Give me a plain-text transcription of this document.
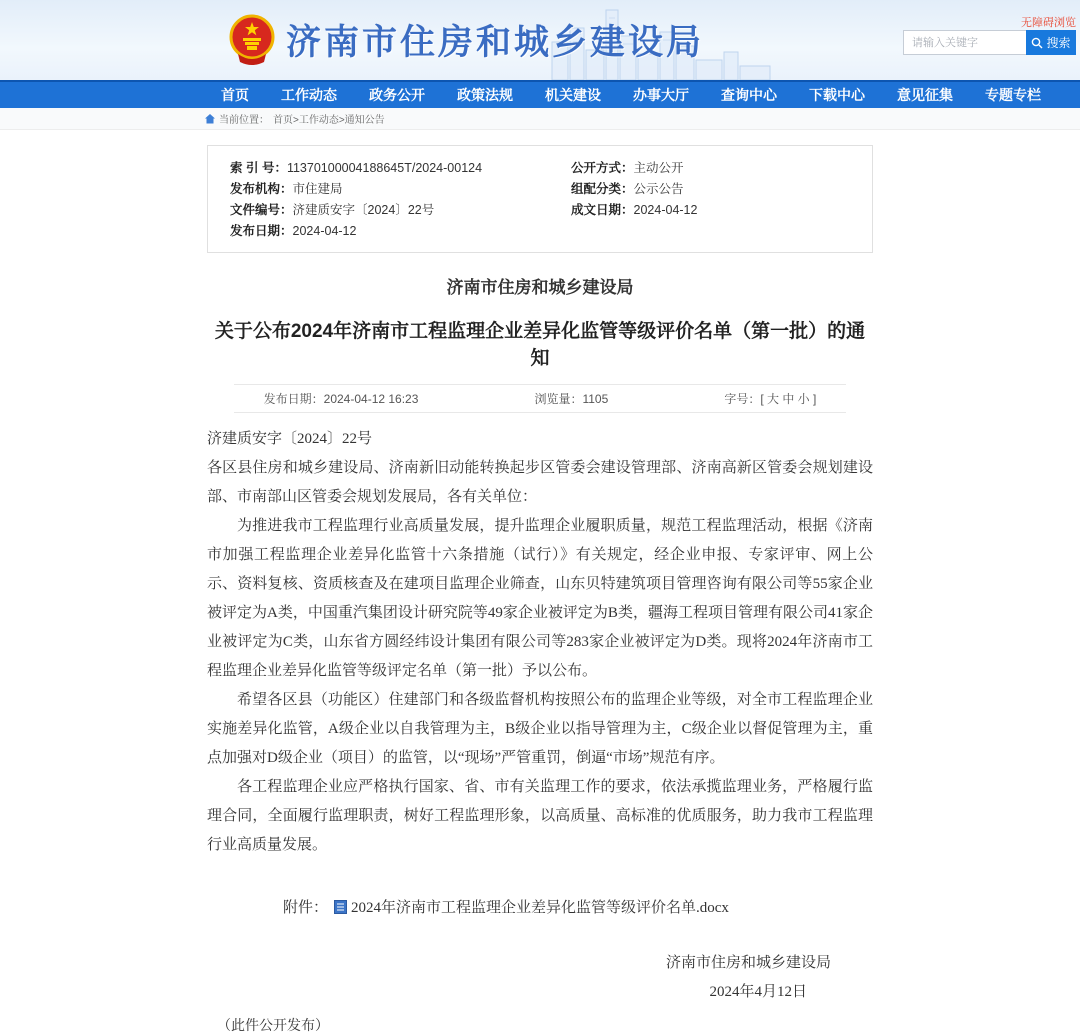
济南市住房和城乡建设局	无障碍浏览
请输入关键字
搜索
首页	工作动态	政务公开	政策法规	机关建设	办事大厅	查询中心	下载中心	意见征集	专题专栏
当前位置： 首页>工作动态>通知公告
索 引 号：11370100004188645T/2024-00124	公开方式：主动公开
发布机构：市住建局	组配分类：公示公告
文件编号：济建质安字〔2024〕22号	成文日期：2024-04-12
发布日期：2024-04-12
济南市住房和城乡建设局
关于公布2024年济南市工程监理企业差异化监管等级评价名单（第一批）的通知
发布日期：2024-04-12 16:23	浏览量：1105	字号：[ 大 中 小 ]

济建质安字〔2024〕22号

各区县住房和城乡建设局、济南新旧动能转换起步区管委会建设管理部、济南高新区管委会规划建设部、市南部山区管委会规划发展局，各有关单位：

为推进我市工程监理行业高质量发展，提升监理企业履职质量，规范工程监理活动，根据《济南市加强工程监理企业差异化监管十六条措施（试行）》有关规定，经企业申报、专家评审、网上公示、资料复核、资质核查及在建项目监理企业筛查，山东贝特建筑项目管理咨询有限公司等55家企业被评定为A类，中国重汽集团设计研究院等49家企业被评定为B类，疆海工程项目管理有限公司41家企业被评定为C类，山东省方圆经纬设计集团有限公司等283家企业被评定为D类。现将2024年济南市工程监理企业差异化监管等级评定名单（第一批）予以公布。

希望各区县（功能区）住建部门和各级监督机构按照公布的监理企业等级，对全市工程监理企业实施差异化监管，A级企业以自我管理为主，B级企业以指导管理为主，C级企业以督促管理为主，重点加强对D级企业（项目）的监管，以“现场”严管重罚，倒逼“市场”规范有序。

各工程监理企业应严格执行国家、省、市有关监理工作的要求，依法承揽监理业务，严格履行监理合同，全面履行监理职责，树好工程监理形象，以高质量、高标准的优质服务，助力我市工程监理行业高质量发展。

附件： 2024年济南市工程监理企业差异化监管等级评价名单.docx
济南市住房和城乡建设局
2024年4月12日
（此件公开发布）
